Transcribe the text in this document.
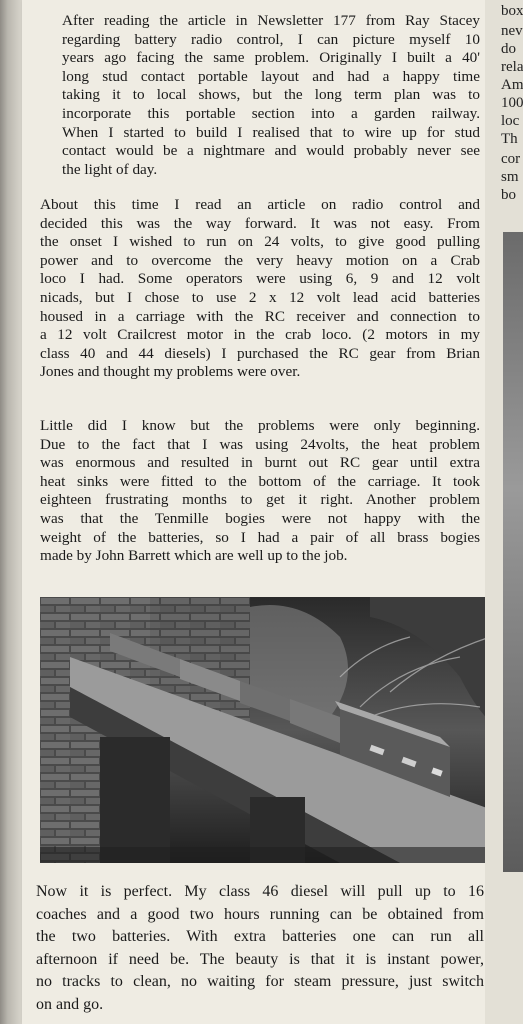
After reading the article in Newsletter 177 from Ray Stacey
regarding battery radio control, I can picture myself 10
years ago facing the same problem. Originally I built a 40'
long stud contact portable layout and had a happy time
taking it to local shows, but the long term plan was to
incorporate this portable section into a garden railway.
When I started to build I realised that to wire up for stud
contact would be a nightmare and would probably never see
the light of day.
About this time I read an article on radio control and
decided this was the way forward. It was not easy. From
the onset I wished to run on 24 volts, to give good pulling
power and to overcome the very heavy motion on a Crab
loco I had. Some operators were using 6, 9 and 12 volt
nicads, but I chose to use 2 x 12 volt lead acid batteries
housed in a carriage with the RC receiver and connection to
a 12 volt Crailcrest motor in the crab loco. (2 motors in my
class 40 and 44 diesels) I purchased the RC gear from Brian
Jones and thought my problems were over.
Little did I know but the problems were only beginning.
Due to the fact that I was using 24volts, the heat problem
was enormous and resulted in burnt out RC gear until extra
heat sinks were fitted to the bottom of the carriage. It took
eighteen frustrating months to get it right. Another problem
was that the Tenmille bogies were not happy with the
weight of the batteries, so I had a pair of all brass bogies
made by John Barrett which are well up to the job.
Now it is perfect. My class 46 diesel will pull up to 16
coaches and a good two hours running can be obtained from
the two batteries. With extra batteries one can run all
afternoon if need be. The beauty is that it is instant power,
no tracks to clean, no waiting for steam pressure, just switch
on and go.
box
nev
do
rela
Am
100
loc
Th
cor
sm
bo
